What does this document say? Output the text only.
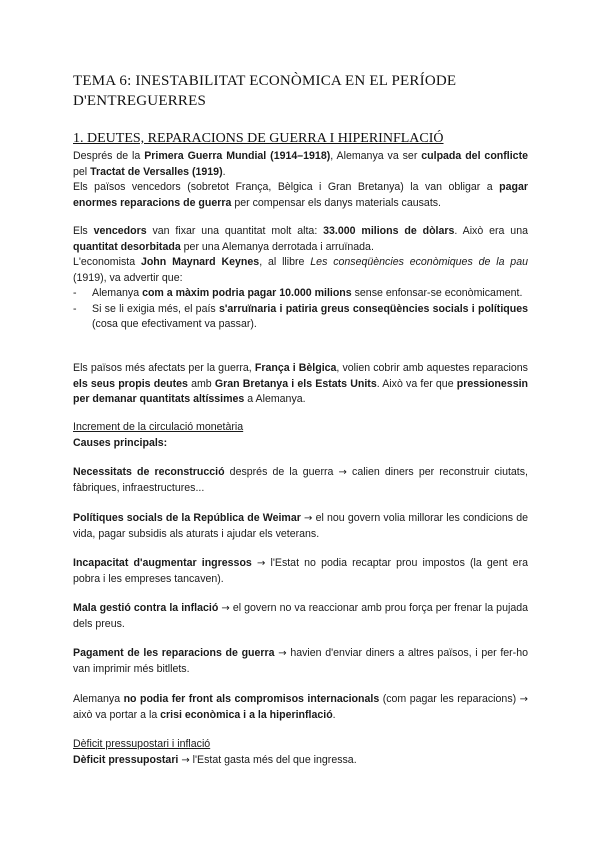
TEMA 6: INESTABILITAT ECONÒMICA EN EL PERÍODE D'ENTREGUERRES
1. DEUTES, REPARACIONS DE GUERRA I HIPERINFLACIÓ

Després de la Primera Guerra Mundial (1914–1918), Alemanya va ser culpada del conflicte pel Tractat de Versalles (1919).

Els països vencedors (sobretot França, Bèlgica i Gran Bretanya) la van obligar a pagar enormes reparacions de guerra per compensar els danys materials causats.

Els vencedors van fixar una quantitat molt alta: 33.000 milions de dòlars. Això era una quantitat desorbitada per una Alemanya derrotada i arruïnada.

L'economista John Maynard Keynes, al llibre Les conseqüències econòmiques de la pau (1919), va advertir que:

- Alemanya com a màxim podria pagar 10.000 milions sense enfonsar-se econòmicament.
- Si se li exigia més, el país s'arruïnaria i patiria greus conseqüències socials i polítiques (cosa que efectivament va passar).

Els països més afectats per la guerra, França i Bèlgica, volien cobrir amb aquestes reparacions els seus propis deutes amb Gran Bretanya i els Estats Units. Això va fer que pressionessin per demanar quantitats altíssimes a Alemanya.

Increment de la circulació monetària

Causes principals:

Necessitats de reconstrucció després de la guerra → calien diners per reconstruir ciutats, fàbriques, infraestructures...

Polítiques socials de la República de Weimar → el nou govern volia millorar les condicions de vida, pagar subsidis als aturats i ajudar els veterans.

Incapacitat d'augmentar ingressos → l'Estat no podia recaptar prou impostos (la gent era pobra i les empreses tancaven).

Mala gestió contra la inflació → el govern no va reaccionar amb prou força per frenar la pujada dels preus.

Pagament de les reparacions de guerra → havien d'enviar diners a altres països, i per fer-ho van imprimir més bitllets.

Alemanya no podia fer front als compromisos internacionals (com pagar les reparacions) → això va portar a la crisi econòmica i a la hiperinflació.

Dèficit pressupostari i inflació

Dèficit pressupostari → l'Estat gasta més del que ingressa.
